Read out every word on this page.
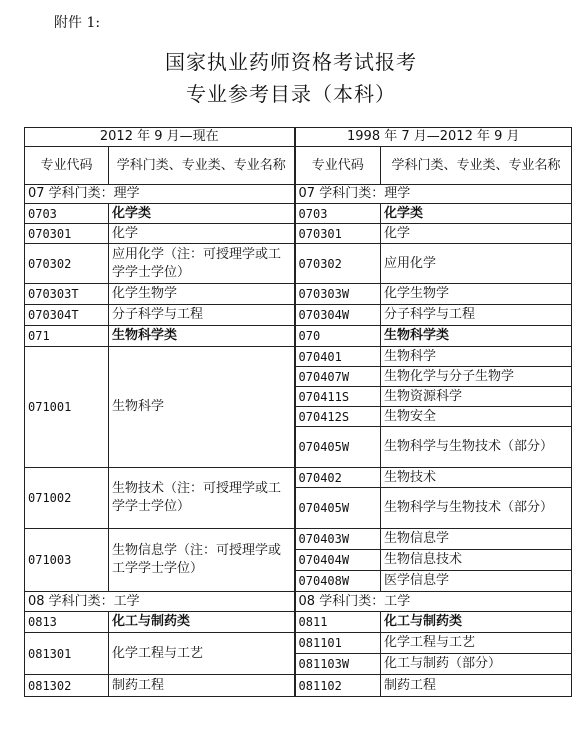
附件 1:
国家执业药师资格考试报考
专业参考目录（本科）
2012 年 9 月—现在		1998 年 7 月—2012 年 9 月	
专业代码	学科门类、专业类、专业名称	专业代码	学科门类、专业类、专业名称
07 学科门类：理学		07 学科门类：理学	
0703	化学类	0703	化学类
070301	化学	070301	化学
070302	应用化学（注：可授理学或工学学士学位）	070302	应用化学
070303T	化学生物学	070303W	化学生物学
070304T	分子科学与工程	070304W	分子科学与工程
071	生物科学类	070	生物科学类
071001	生物科学	070401	生物科学
		070407W	生物化学与分子生物学
		070411S	生物资源科学
		070412S	生物安全
		070405W	生物科学与生物技术（部分）
071002	生物技术（注：可授理学或工学学士学位）	070402	生物技术
		070405W	生物科学与生物技术（部分）
071003	生物信息学（注：可授理学或工学学士学位）	070403W	生物信息学
		070404W	生物信息技术
		070408W	医学信息学
08 学科门类：工学		08 学科门类：工学	
0813	化工与制药类	0811	化工与制药类
081301	化学工程与工艺	081101	化学工程与工艺
		081103W	化工与制药（部分）
081302	制药工程	081102	制药工程
